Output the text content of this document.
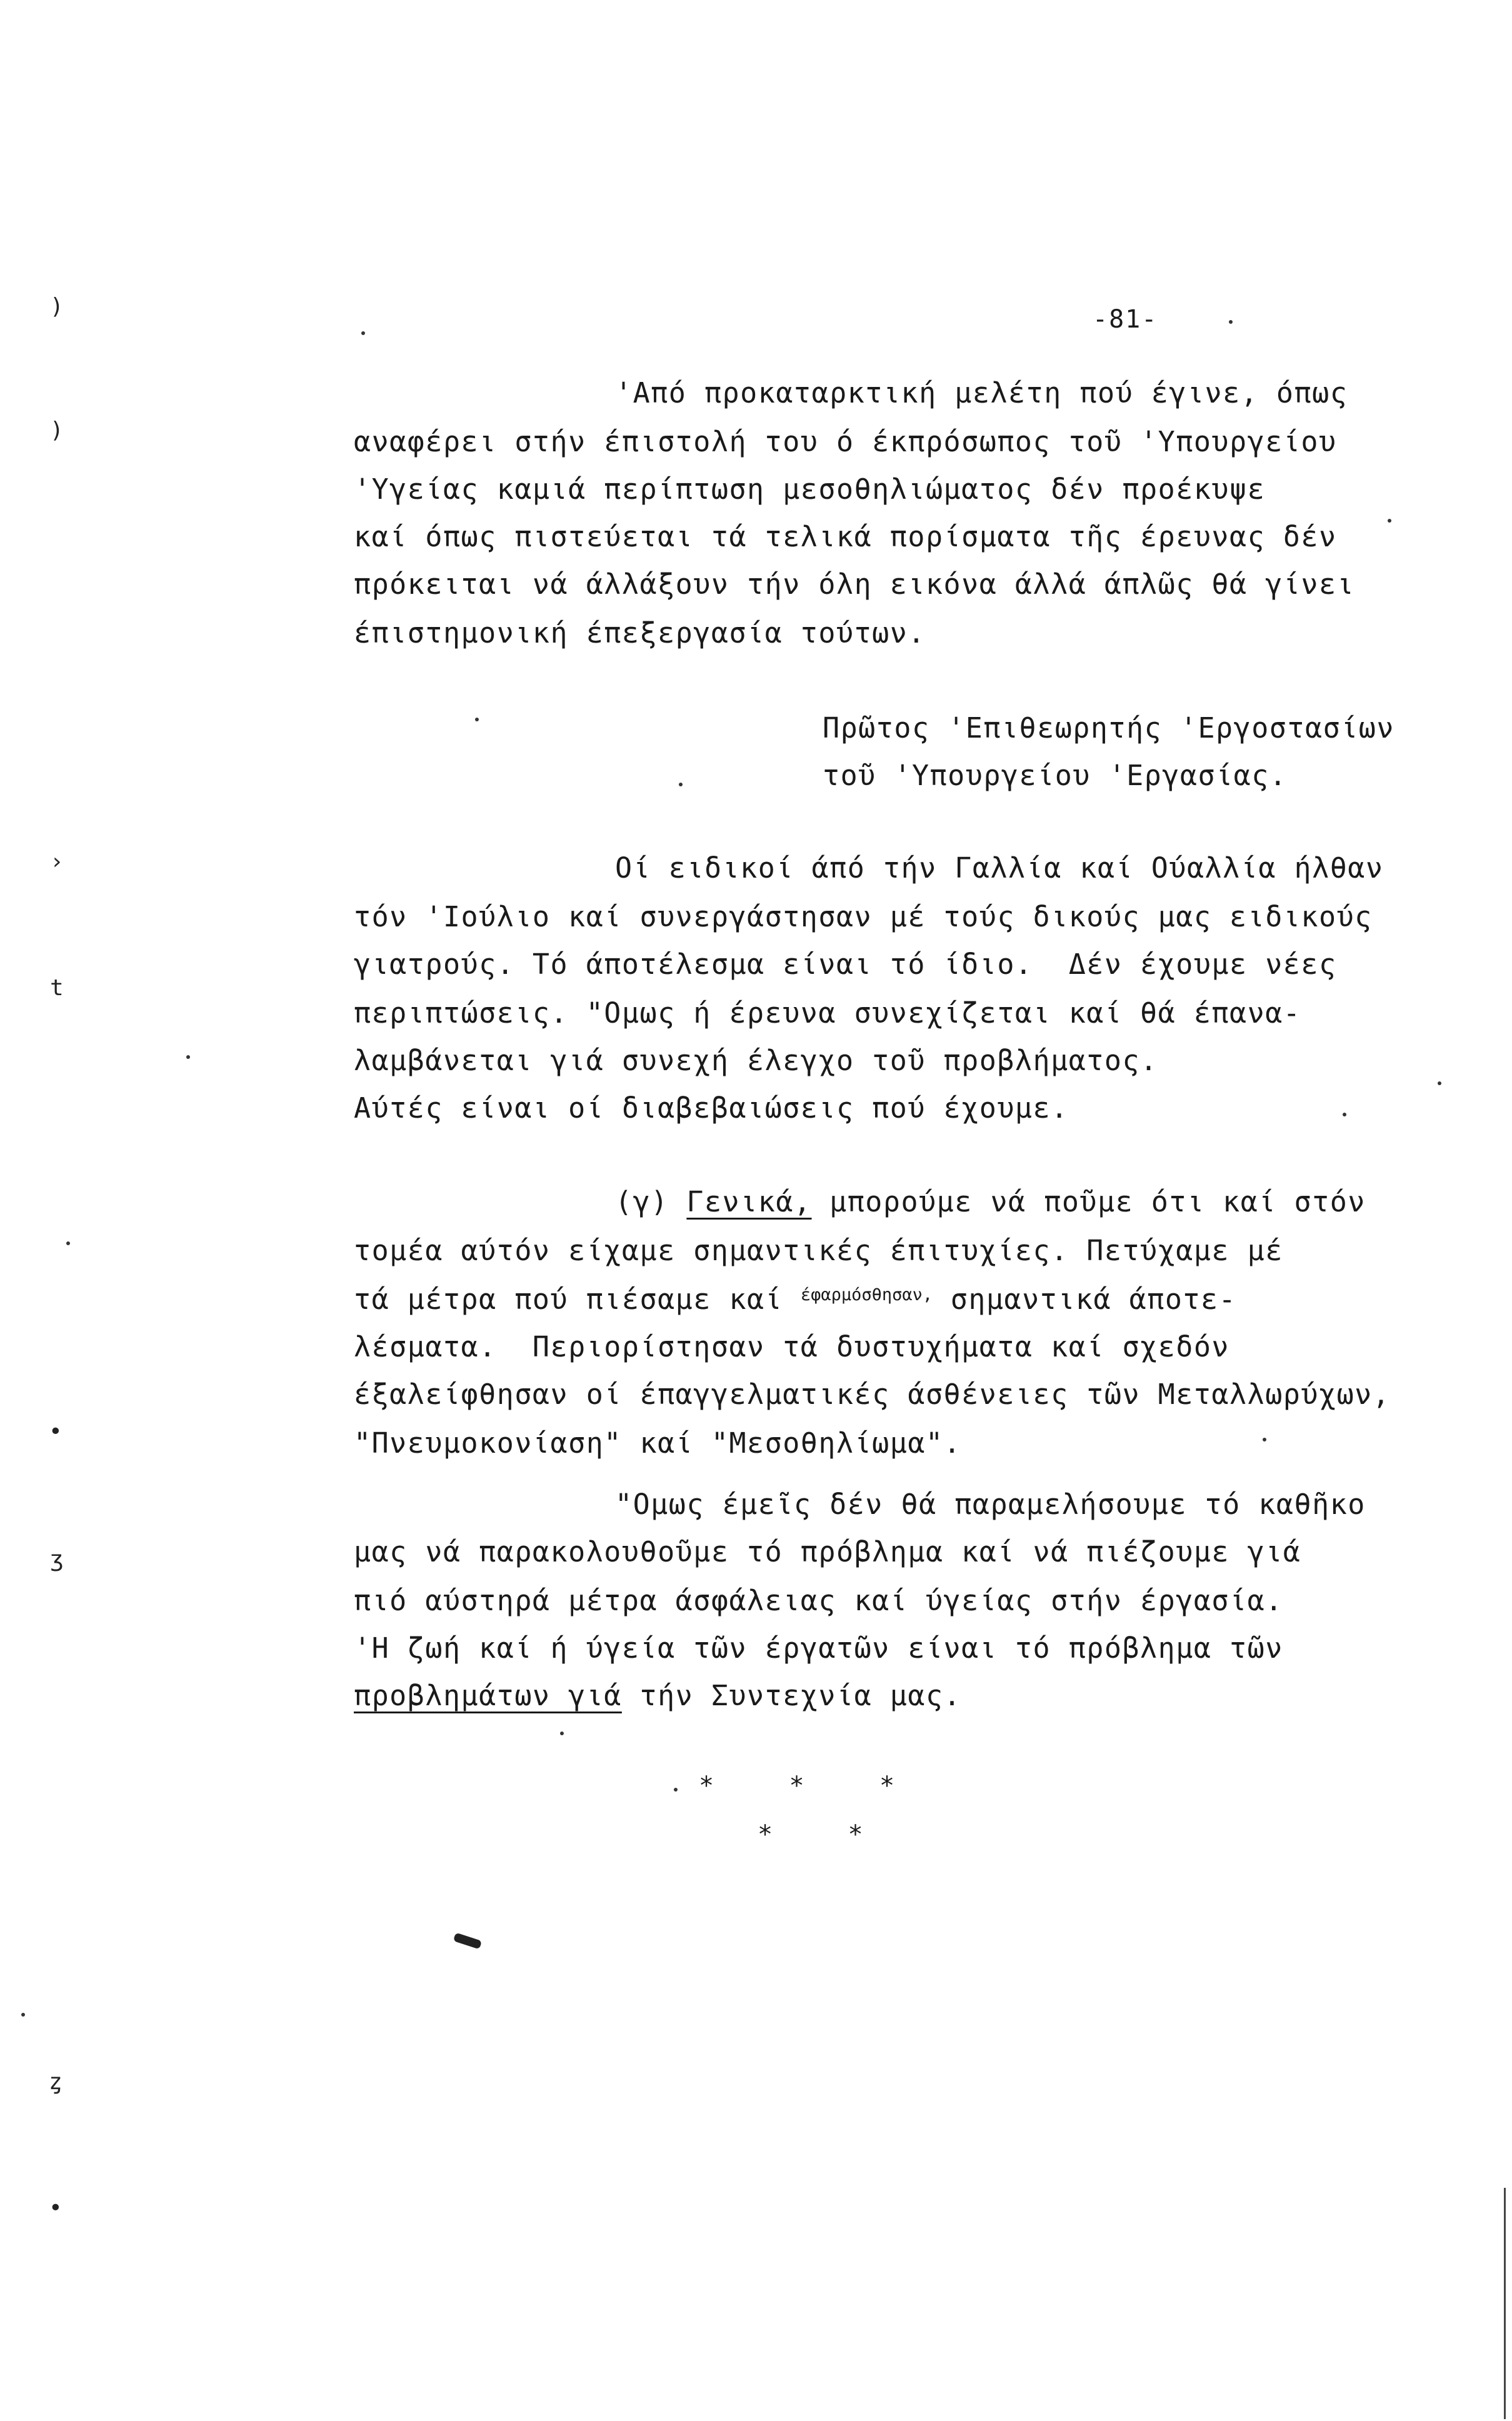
-81-
'Από προκαταρκτική μελέτη πού έγινε, όπως
αναφέρει στήν έπιστολή του ό έκπρόσωπος τοῦ 'Υπουργείου
'Υγείας καμιά περίπτωση μεσοθηλιώματος δέν προέκυψε
καί όπως πιστεύεται τά τελικά πορίσματα τῆς έρευνας δέν
πρόκειται νά άλλάξουν τήν όλη εικόνα άλλά άπλῶς θά γίνει
έπιστημονική έπεξεργασία τούτων.
Πρῶτος 'Επιθεωρητής 'Εργοστασίων
τοῦ 'Υπουργείου 'Εργασίας.
Οί ειδικοί άπό τήν Γαλλία καί Ούαλλία ήλθαν
τόν 'Ιούλιο καί συνεργάστησαν μέ τούς δικούς μας ειδικούς
γιατρούς. Τό άποτέλεσμα είναι τό ίδιο.  Δέν έχουμε νέες
περιπτώσεις. "Ομως ή έρευνα συνεχίζεται καί θά έπανα-
λαμβάνεται γιά συνεχή έλεγχο τοῦ προβλήματος.
Αύτές είναι οί διαβεβαιώσεις πού έχουμε.
(γ) Γενικά, μπορούμε νά ποῦμε ότι καί στόν
τομέα αύτόν είχαμε σημαντικές έπιτυχίες. Πετύχαμε μέ
τά μέτρα πού πιέσαμε καί $^{έ\varphi\alpha\rho\mu ό\sigma\theta\eta\sigma\alpha\nu,}$ σημαντικά άποτε-
λέσματα.  Περιορίστησαν τά δυστυχήματα καί σχεδόν
έξαλείφθησαν οί έπαγγελματικές άσθένειες τῶν Μεταλλωρύχων,
"Πνευμοκονίαση" καί "Μεσοθηλίωμα".
"Ομως έμεῖς δέν θά παραμελήσουμε τό καθῆκο
μας νά παρακολουθοῦμε τό πρόβλημα καί νά πιέζουμε γιά
πιό αύστηρά μέτρα άσφάλειας καί ύγείας στήν έργασία.
'Η ζωή καί ή ύγεία τῶν έργατῶν είναι τό πρόβλημα τῶν
προβλημάτων γιά τήν Συντεχνία μας.
*     *     *
*     *
)
)
›
t
•
ʒ
ȥ
•
